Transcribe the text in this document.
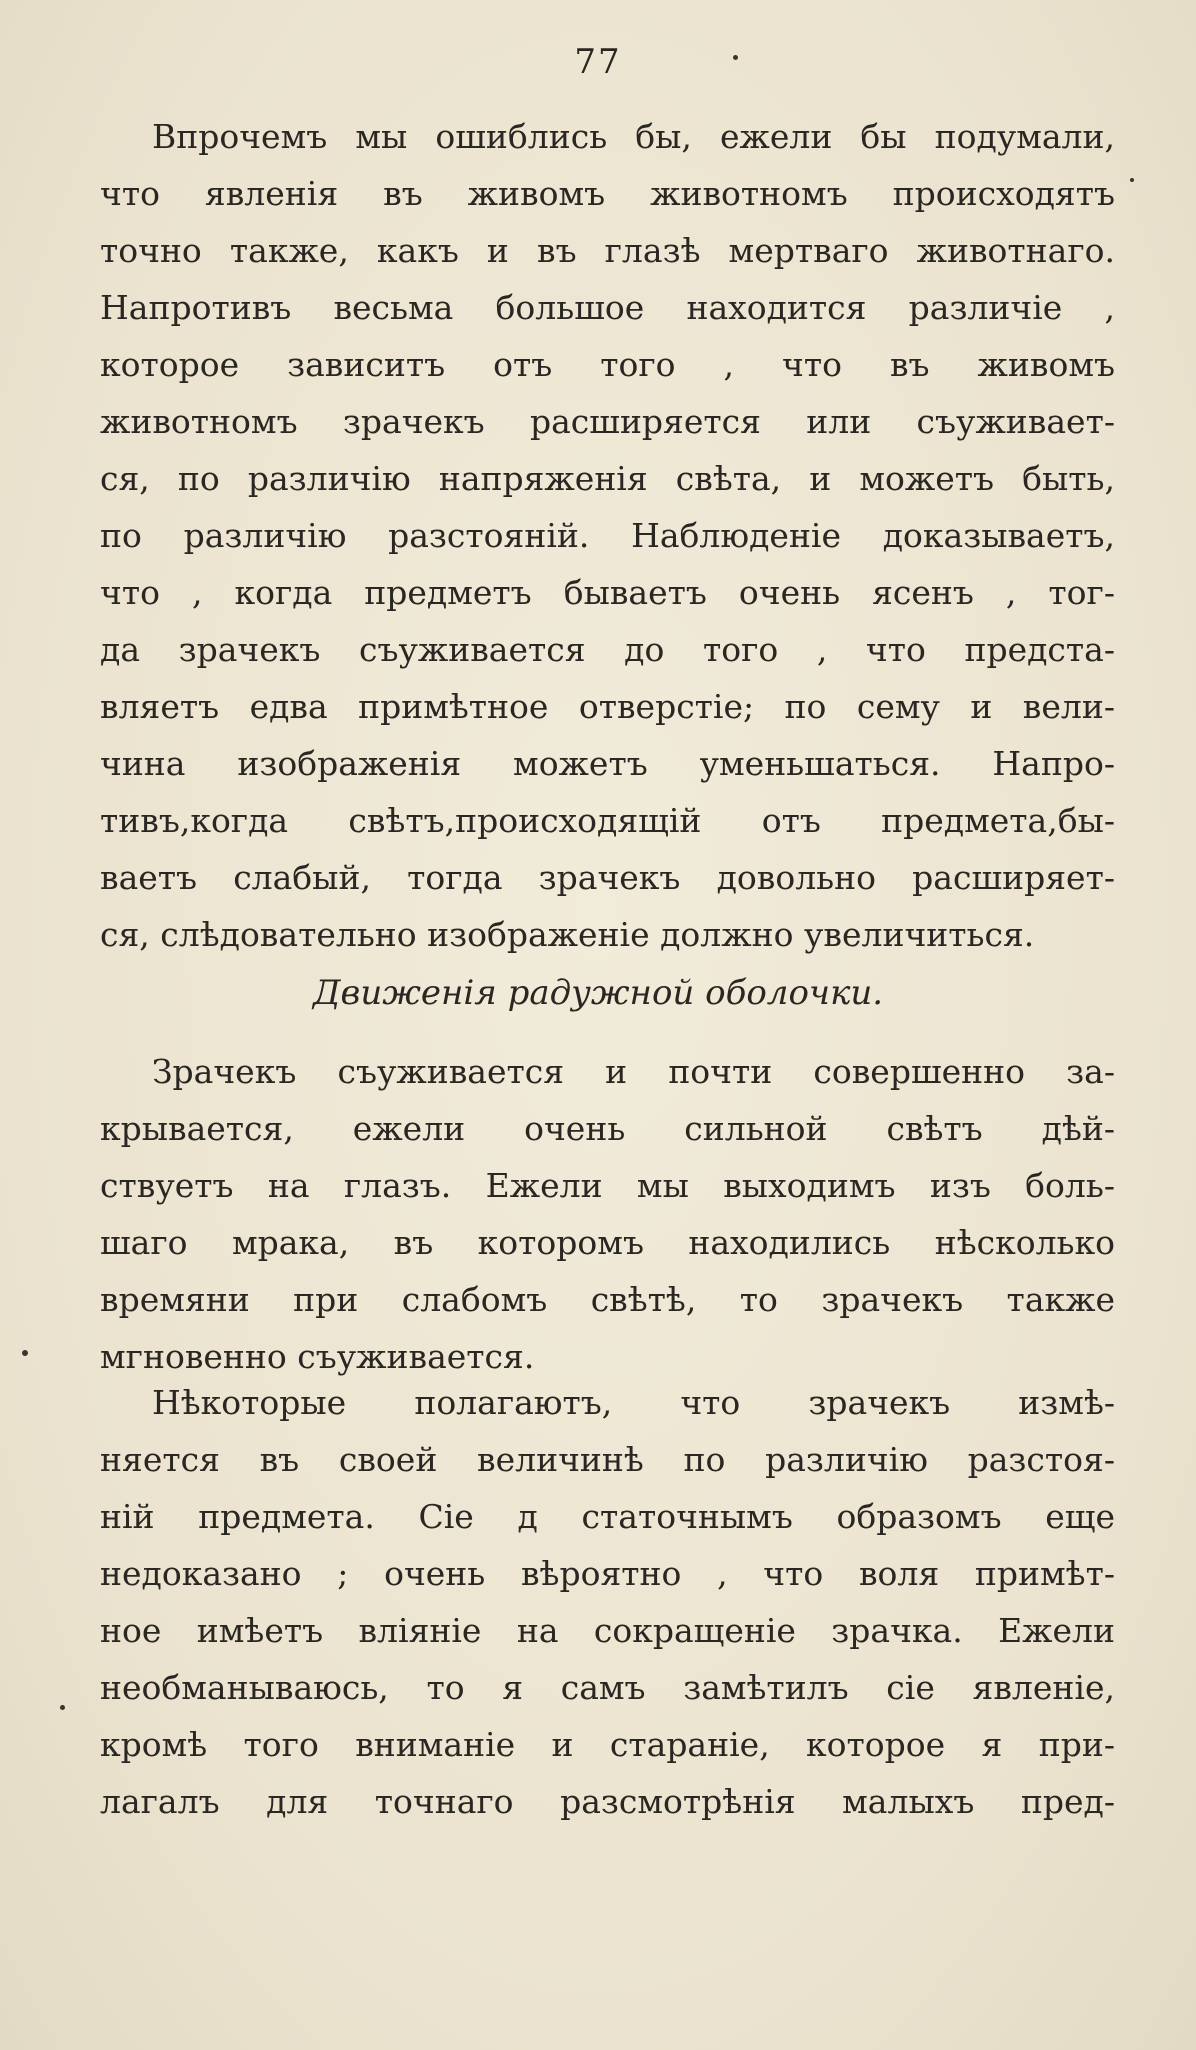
77
Впрочемъ мы ошиблись бы, ежели бы подумали,
что явленія въ живомъ животномъ происходятъ
точно также, какъ и въ глазѣ мертваго животнаго.
Напротивъ весьма большое находится различіе ,
которое зависитъ отъ того , что въ живомъ
животномъ зрачекъ расширяется или съуживает-
ся, по различію напряженія свѣта, и можетъ быть,
по различію разстояній. Наблюденіе доказываетъ,
что , когда предметъ бываетъ очень ясенъ , тог-
да зрачекъ съуживается до того , что предста-
вляетъ едва примѣтное отверстіе; по сему и вели-
чина изображенія можетъ уменьшаться. Напро-
тивъ,когда свѣтъ,происходящій отъ предмета,бы-
ваетъ слабый, тогда зрачекъ довольно расширяет-
ся, слѣдовательно изображеніе должно увеличиться.
Движенія радужной оболочки.
Зрачекъ съуживается и почти совершенно за-
крывается, ежели очень сильной свѣтъ дѣй-
ствуетъ на глазъ. Ежели мы выходимъ изъ боль-
шаго мрака, въ которомъ находились нѣсколько
времяни при слабомъ свѣтѣ, то зрачекъ также
мгновенно съуживается.
Нѣкоторые полагаютъ, что зрачекъ измѣ-
няется въ своей величинѣ по различію разстоя-
ній предмета. Сіе д статочнымъ образомъ еще
недоказано ; очень вѣроятно , что воля примѣт-
ное имѣетъ вліяніе на сокращеніе зрачка. Ежели
необманываюсь, то я самъ замѣтилъ сіе явленіе,
кромѣ того вниманіе и стараніе, которое я при-
лагалъ для точнаго разсмотрѣнія малыхъ пред-
